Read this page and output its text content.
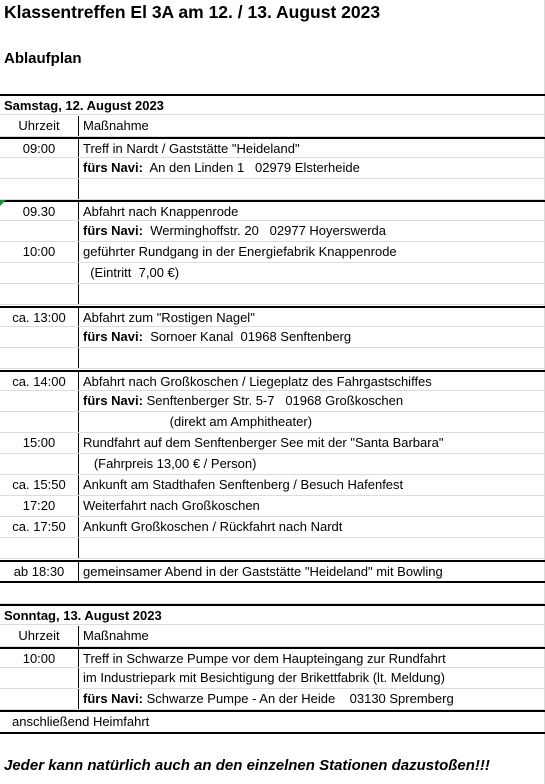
Klassentreffen El 3A am 12. / 13. August 2023
Ablaufplan
Samstag, 12. August 2023
Uhrzeit	Maßnahme
09:00	Treff in Nardt / Gaststätte "Heideland"
fürs Navi:  An den Linden 1   02979 Elsterheide
09.30	Abfahrt nach Knappenrode
fürs Navi:  Werminghoffstr. 20   02977 Hoyerswerda
10:00	geführter Rundgang in der Energiefabrik Knappenrode
(Eintritt  7,00 €)
ca. 13:00	Abfahrt zum "Rostigen Nagel"
fürs Navi:  Sornoer Kanal  01968 Senftenberg
ca. 14:00	Abfahrt nach Großkoschen / Liegeplatz des Fahrgastschiffes
fürs Navi: Senftenberger Str. 5-7   01968 Großkoschen
(direkt am Amphitheater)
15:00	Rundfahrt auf dem Senftenberger See mit der "Santa Barbara"
(Fahrpreis 13,00 € / Person)
ca. 15:50	Ankunft am Stadthafen Senftenberg / Besuch Hafenfest
17:20	Weiterfahrt nach Großkoschen
ca. 17:50	Ankunft Großkoschen / Rückfahrt nach Nardt
ab 18:30	gemeinsamer Abend in der Gaststätte "Heideland" mit Bowling
Sonntag, 13. August 2023
Uhrzeit	Maßnahme
10:00	Treff in Schwarze Pumpe vor dem Haupteingang zur Rundfahrt
im Industriepark mit Besichtigung der Brikettfabrik (lt. Meldung)
fürs Navi: Schwarze Pumpe - An der Heide    03130 Spremberg
anschließend Heimfahrt
Jeder kann natürlich auch an den einzelnen Stationen dazustoßen!!!
